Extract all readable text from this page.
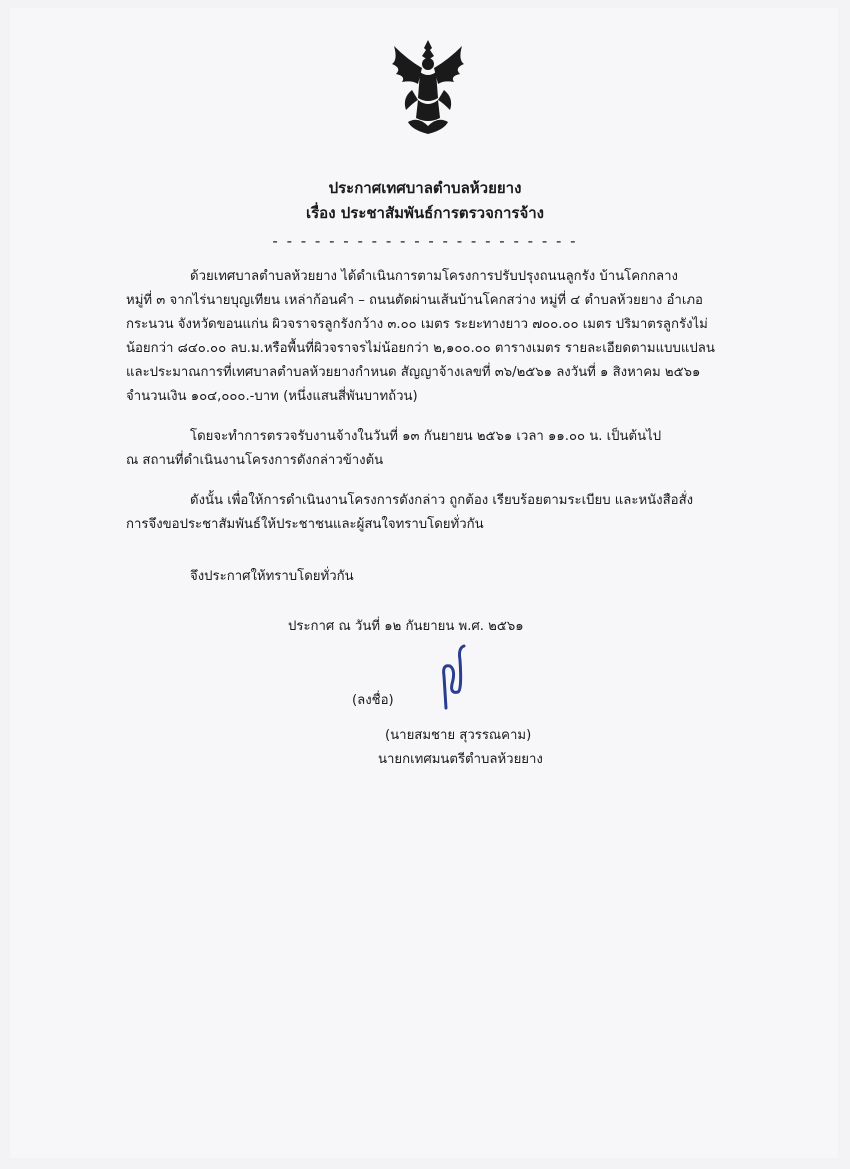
ประกาศเทศบาลตำบลห้วยยาง
เรื่อง ประชาสัมพันธ์การตรวจการจ้าง
- - - - - - - - - - - - - - - - - - - - - -
ด้วยเทศบาลตำบลห้วยยาง ได้ดำเนินการตามโครงการปรับปรุงถนนลูกรัง บ้านโคกกลาง
หมู่ที่ ๓ จากไร่นายบุญเทียน เหล่าก้อนคำ – ถนนตัดผ่านเส้นบ้านโคกสว่าง หมู่ที่ ๔ ตำบลห้วยยาง อำเภอ
กระนวน จังหวัดขอนแก่น ผิวจราจรลูกรังกว้าง ๓.๐๐ เมตร ระยะทางยาว ๗๐๐.๐๐ เมตร ปริมาตรลูกรังไม่
น้อยกว่า ๘๔๐.๐๐ ลบ.ม.หรือพื้นที่ผิวจราจรไม่น้อยกว่า ๒,๑๐๐.๐๐ ตารางเมตร รายละเอียดตามแบบแปลน
และประมาณการที่เทศบาลตำบลห้วยยางกำหนด สัญญาจ้างเลขที่ ๓๖/๒๕๖๑ ลงวันที่ ๑ สิงหาคม ๒๕๖๑
จำนวนเงิน ๑๐๔,๐๐๐.-บาท (หนึ่งแสนสี่พันบาทถ้วน)
โดยจะทำการตรวจรับงานจ้างในวันที่ ๑๓ กันยายน ๒๕๖๑ เวลา ๑๑.๐๐ น. เป็นต้นไป
ณ สถานที่ดำเนินงานโครงการดังกล่าวข้างต้น
ดังนั้น เพื่อให้การดำเนินงานโครงการดังกล่าว ถูกต้อง เรียบร้อยตามระเบียบ และหนังสือสั่ง
การจึงขอประชาสัมพันธ์ให้ประชาชนและผู้สนใจทราบโดยทั่วกัน
จึงประกาศให้ทราบโดยทั่วกัน
ประกาศ ณ วันที่ ๑๒ กันยายน พ.ศ. ๒๕๖๑
(ลงชื่อ)
(นายสมชาย สุวรรณคาม)
นายกเทศมนตรีตำบลห้วยยาง
